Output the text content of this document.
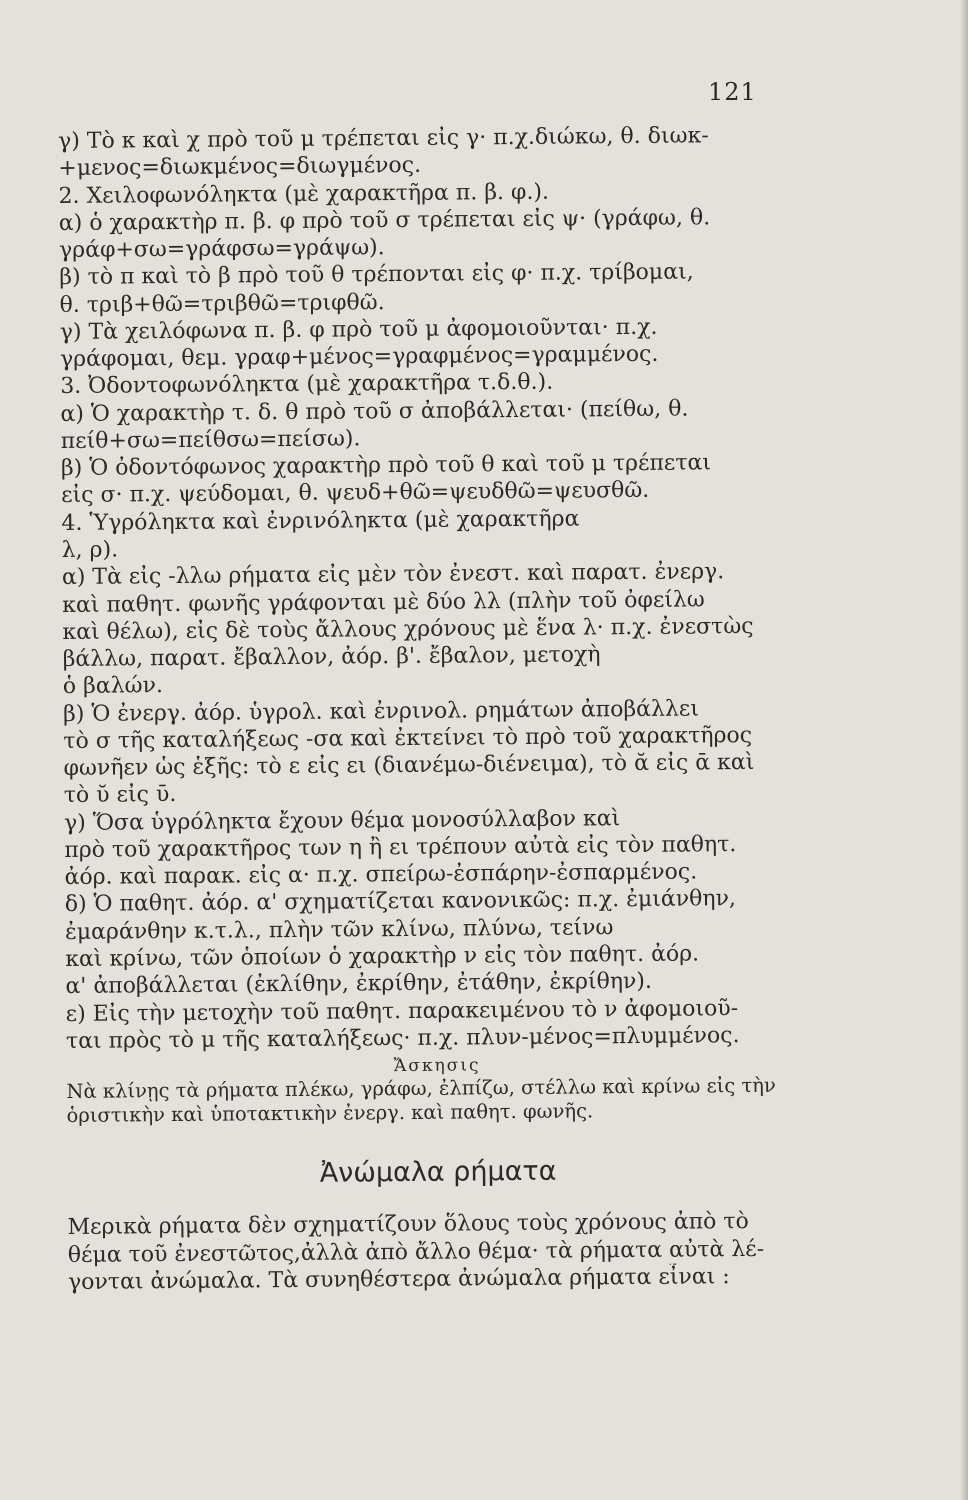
121
γ) Τὸ κ καὶ χ πρὸ τοῦ μ τρέπεται εἰς γ· π.χ.διώκω, θ. διωκ-
+μενος=διωκμένος=διωγμένος.
2. Χειλοφωνόληκτα (μὲ χαρακτῆρα π. β. φ.).
α) ὁ χαρακτὴρ π. β. φ πρὸ τοῦ σ τρέπεται εἰς ψ· (γράφω, θ.
γράφ+σω=γράφσω=γράψω).
β) τὸ π καὶ τὸ β πρὸ τοῦ θ τρέπονται εἰς φ· π.χ. τρίβομαι,
θ. τριβ+θῶ=τριβθῶ=τριφθῶ.
γ) Τὰ χειλόφωνα π. β. φ πρὸ τοῦ μ ἀφομοιοῦνται· π.χ.
γράφομαι, θεμ. γραφ+μένος=γραφμένος=γραμμένος.
3. Ὀδοντοφωνόληκτα (μὲ χαρακτῆρα τ.δ.θ.).
α) Ὁ χαρακτὴρ τ. δ. θ πρὸ τοῦ σ ἀποβάλλεται· (πείθω, θ.
πείθ+σω=πείθσω=πείσω).
β) Ὁ ὀδοντόφωνος χαρακτὴρ πρὸ τοῦ θ καὶ τοῦ μ τρέπεται
εἰς σ· π.χ. ψεύδομαι, θ. ψευδ+θῶ=ψευδθῶ=ψευσθῶ.
4. Ὑγρόληκτα καὶ ἐνρινόληκτα (μὲ χαρακτῆρα
λ, ρ).
α) Τὰ εἰς -λλω ρήματα εἰς μὲν τὸν ἐνεστ. καὶ παρατ. ἐνεργ.
καὶ παθητ. φωνῆς γράφονται μὲ δύο λλ (πλὴν τοῦ ὀφείλω
καὶ θέλω), εἰς δὲ τοὺς ἄλλους χρόνους μὲ ἕνα λ· π.χ. ἐνεστὼς
βάλλω, παρατ. ἔβαλλον, ἀόρ. β'. ἔβαλον, μετοχὴ
ὁ βαλών.
β) Ὁ ἐνεργ. ἀόρ. ὑγρολ. καὶ ἐνρινολ. ρημάτων ἀποβάλλει
τὸ σ τῆς καταλήξεως -σα καὶ ἐκτείνει τὸ πρὸ τοῦ χαρακτῆρος
φωνῆεν ὡς ἑξῆς: τὸ ε εἰς ει (διανέμω-διένειμα), τὸ ᾰ εἰς ᾱ καὶ
τὸ ῠ εἰς ῡ.
γ) Ὅσα ὑγρόληκτα ἔχουν θέμα μονοσύλλαβον καὶ
πρὸ τοῦ χαρακτῆρος των η ἢ ει τρέπουν αὐτὰ εἰς τὸν παθητ.
ἀόρ. καὶ παρακ. εἰς α· π.χ. σπείρω-ἐσπάρην-ἐσπαρμένος.
δ) Ὁ παθητ. ἀόρ. α' σχηματίζεται κανονικῶς: π.χ. ἐμιάνθην,
ἐμαράνθην κ.τ.λ., πλὴν τῶν κλίνω, πλύνω, τείνω
καὶ κρίνω, τῶν ὁποίων ὁ χαρακτὴρ ν εἰς τὸν παθητ. ἀόρ.
α' ἀποβάλλεται (ἐκλίθην, ἐκρίθην, ἐτάθην, ἐκρίθην).
ε) Εἰς τὴν μετοχὴν τοῦ παθητ. παρακειμένου τὸ ν ἀφομοιοῦ-
ται πρὸς τὸ μ τῆς καταλήξεως· π.χ. πλυν-μένος=πλυμμένος.
Ἄσκησις
Νὰ κλίνῃς τὰ ρήματα πλέκω, γράφω, ἐλπίζω, στέλλω καὶ κρίνω εἰς τὴν
ὁριστικὴν καὶ ὑποτακτικὴν ἐνεργ. καὶ παθητ. φωνῆς.
Ἀνώμαλα ρήματα
Μερικὰ ρήματα δὲν σχηματίζουν ὅλους τοὺς χρόνους ἀπὸ τὸ
θέμα τοῦ ἐνεστῶτος,ἀλλὰ ἀπὸ ἄλλο θέμα· τὰ ρήματα αὐτὰ λέ-
γονται ἀνώμαλα. Τὰ συνηθέστερα ἀνώμαλα ρήματα εἶναι :
